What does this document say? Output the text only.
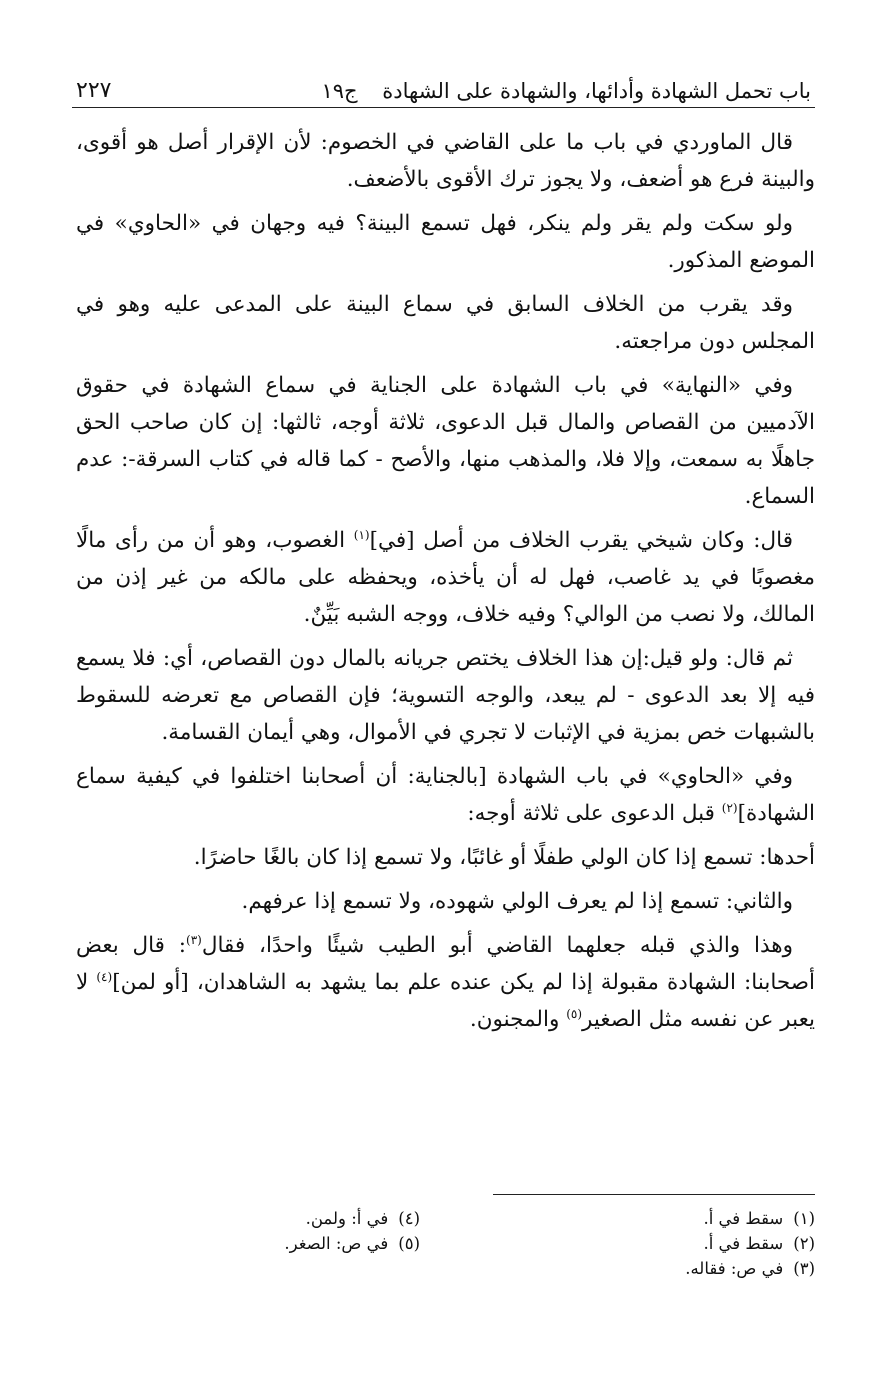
باب تحمل الشهادة وأدائها، والشهادة على الشهادة ج١٩
٢٢٧

قال الماوردي في باب ما على القاضي في الخصوم: لأن الإقرار أصل هو أقوى، والبينة فرع هو أضعف، ولا يجوز ترك الأقوى بالأضعف.

ولو سكت ولم يقر ولم ينكر، فهل تسمع البينة؟ فيه وجهان في «الحاوي» في الموضع المذكور.

وقد يقرب من الخلاف السابق في سماع البينة على المدعى عليه وهو في المجلس دون مراجعته.

وفي «النهاية» في باب الشهادة على الجناية في سماع الشهادة في حقوق الآدميين من القصاص والمال قبل الدعوى، ثلاثة أوجه، ثالثها: إن كان صاحب الحق جاهلًا به سمعت، وإلا فلا، والمذهب منها، والأصح - كما قاله في كتاب السرقة-: عدم السماع.

قال: وكان شيخي يقرب الخلاف من أصل [في]$^{(١)}$ الغصوب، وهو أن من رأى مالًا مغصوبًا في يد غاصب، فهل له أن يأخذه، ويحفظه على مالكه من غير إذن من المالك، ولا نصب من الوالي؟ وفيه خلاف، ووجه الشبه بَيِّنٌ.

ثم قال: ولو قيل:إن هذا الخلاف يختص جريانه بالمال دون القصاص، أي: فلا يسمع فيه إلا بعد الدعوى - لم يبعد، والوجه التسوية؛ فإن القصاص مع تعرضه للسقوط بالشبهات خص بمزية في الإثبات لا تجري في الأموال، وهي أيمان القسامة.

وفي «الحاوي» في باب الشهادة [بالجناية: أن أصحابنا اختلفوا في كيفية سماع الشهادة]$^{(٢)}$ قبل الدعوى على ثلاثة أوجه:

أحدها: تسمع إذا كان الولي طفلًا أو غائبًا، ولا تسمع إذا كان بالغًا حاضرًا.

والثاني: تسمع إذا لم يعرف الولي شهوده، ولا تسمع إذا عرفهم.

وهذا والذي قبله جعلهما القاضي أبو الطيب شيئًا واحدًا، فقال$^{(٣)}$: قال بعض أصحابنا: الشهادة مقبولة إذا لم يكن عنده علم بما يشهد به الشاهدان، [أو لمن]$^{(٤)}$ لا يعبر عن نفسه مثل الصغير$^{(٥)}$ والمجنون.

(١)سقط في أ.
(٢)سقط في أ.
(٣)في ص: فقاله.
(٤)في أ: ولمن.
(٥)في ص: الصغر.
